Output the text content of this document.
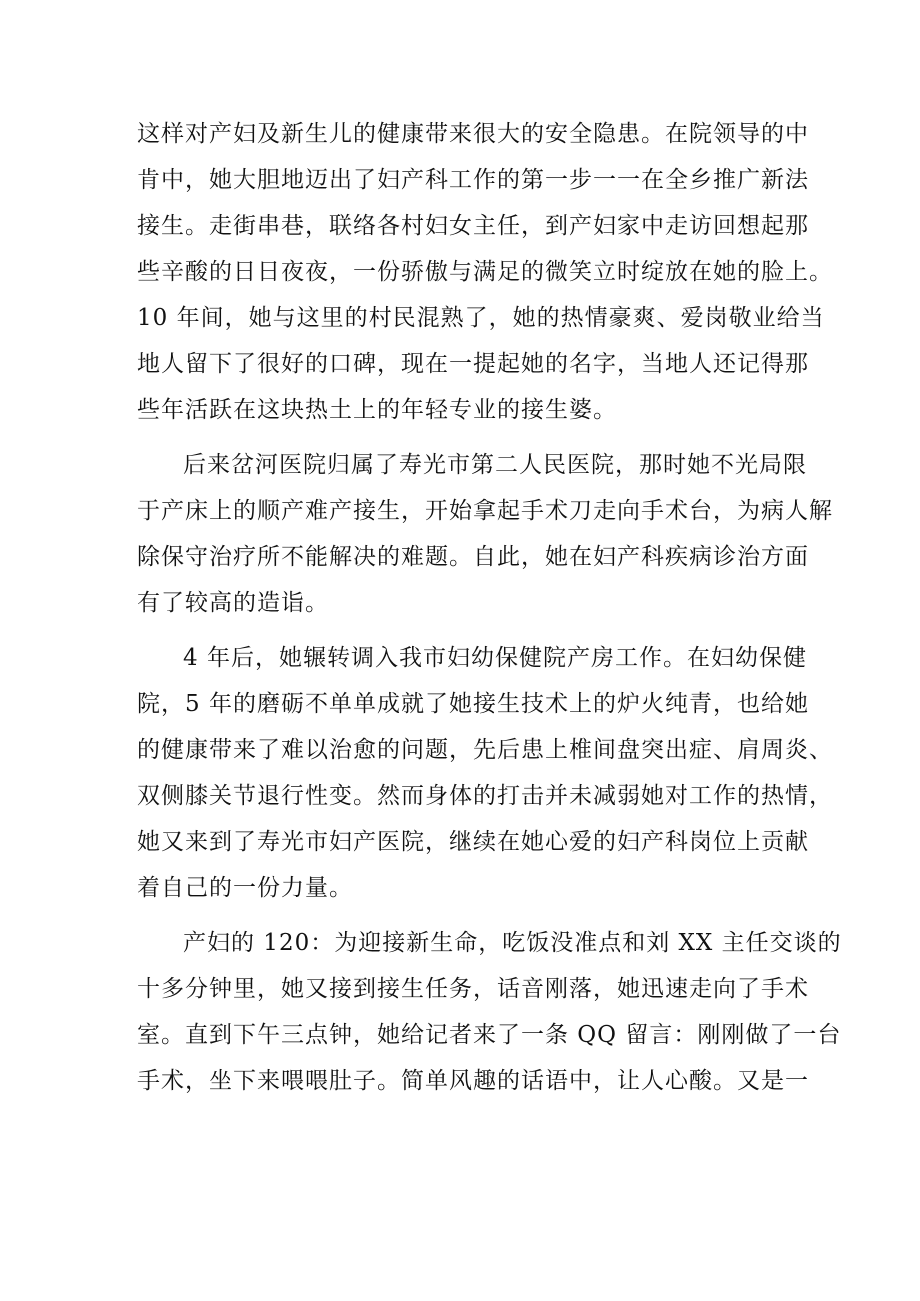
这样对产妇及新生儿的健康带来很大的安全隐患。在院领导的中
肯中，她大胆地迈出了妇产科工作的第一步一一在全乡推广新法
接生。走街串巷，联络各村妇女主任，到产妇家中走访回想起那
些辛酸的日日夜夜，一份骄傲与满足的微笑立时绽放在她的脸上。
10 年间，她与这里的村民混熟了，她的热情豪爽、爱岗敬业给当
地人留下了很好的口碑，现在一提起她的名字，当地人还记得那
些年活跃在这块热土上的年轻专业的接生婆。
后来岔河医院归属了寿光市第二人民医院，那时她不光局限
于产床上的顺产难产接生，开始拿起手术刀走向手术台，为病人解
除保守治疗所不能解决的难题。自此，她在妇产科疾病诊治方面
有了较高的造诣。
4 年后，她辗转调入我市妇幼保健院产房工作。在妇幼保健
院，5 年的磨砺不单单成就了她接生技术上的炉火纯青，也给她
的健康带来了难以治愈的问题，先后患上椎间盘突出症、肩周炎、
双侧膝关节退行性变。然而身体的打击并未减弱她对工作的热情，
她又来到了寿光市妇产医院，继续在她心爱的妇产科岗位上贡献
着自己的一份力量。
产妇的 120：为迎接新生命，吃饭没准点和刘 XX 主任交谈的
十多分钟里，她又接到接生任务，话音刚落，她迅速走向了手术
室。直到下午三点钟，她给记者来了一条 QQ 留言：刚刚做了一台
手术，坐下来喂喂肚子。简单风趣的话语中，让人心酸。又是一
